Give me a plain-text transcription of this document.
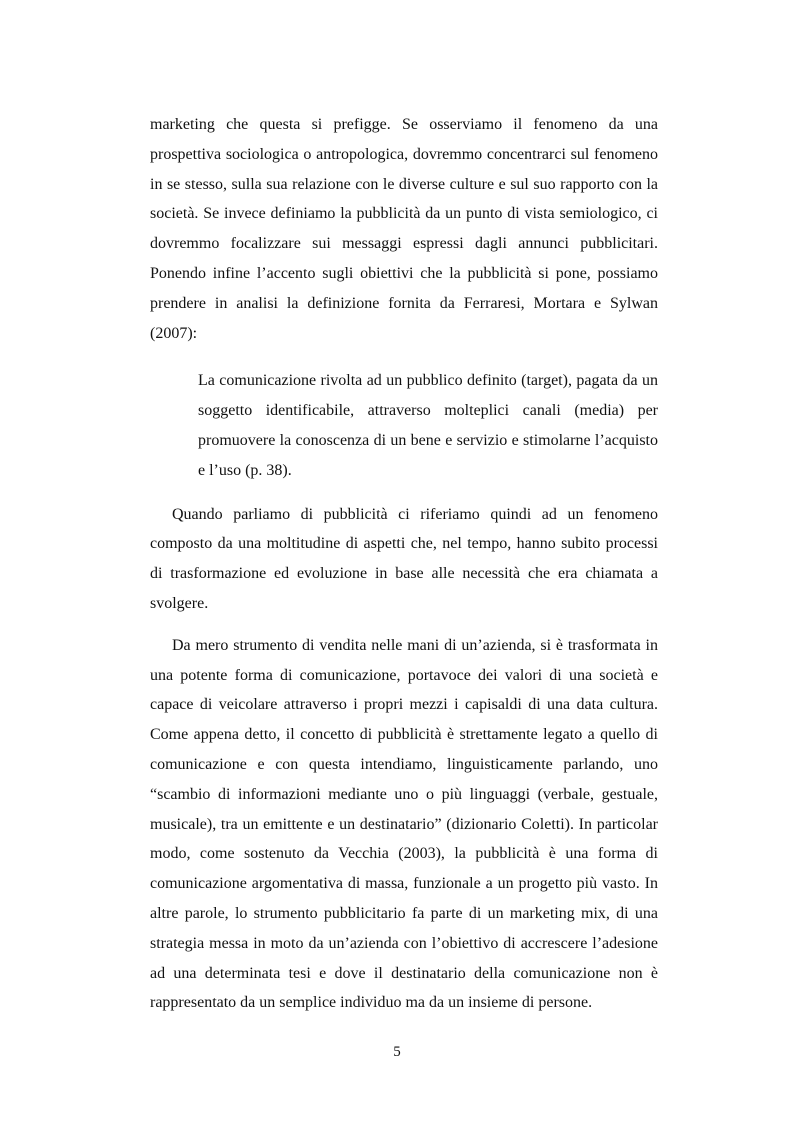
marketing che questa si prefigge. Se osserviamo il fenomeno da una prospettiva sociologica o antropologica, dovremmo concentrarci sul fenomeno in se stesso, sulla sua relazione con le diverse culture e sul suo rapporto con la società. Se invece definiamo la pubblicità da un punto di vista semiologico, ci dovremmo focalizzare sui messaggi espressi dagli annunci pubblicitari. Ponendo infine l’accento sugli obiettivi che la pubblicità si pone, possiamo prendere in analisi la definizione fornita da Ferraresi, Mortara e Sylwan (2007):

La comunicazione rivolta ad un pubblico definito (target), pagata da un soggetto identificabile, attraverso molteplici canali (media) per promuovere la conoscenza di un bene e servizio e stimolarne l’acquisto e l’uso (p. 38).

Quando parliamo di pubblicità ci riferiamo quindi ad un fenomeno composto da una moltitudine di aspetti che, nel tempo, hanno subito processi di trasformazione ed evoluzione in base alle necessità che era chiamata a svolgere.

Da mero strumento di vendita nelle mani di un’azienda, si è trasformata in una potente forma di comunicazione, portavoce dei valori di una società e capace di veicolare attraverso i propri mezzi i capisaldi di una data cultura. Come appena detto, il concetto di pubblicità è strettamente legato a quello di comunicazione e con questa intendiamo, linguisticamente parlando, uno “scambio di informazioni mediante uno o più linguaggi (verbale, gestuale, musicale), tra un emittente e un destinatario” (dizionario Coletti). In particolar modo, come sostenuto da Vecchia (2003), la pubblicità è una forma di comunicazione argomentativa di massa, funzionale a un progetto più vasto. In altre parole, lo strumento pubblicitario fa parte di un marketing mix, di una strategia messa in moto da un’azienda con l’obiettivo di accrescere l’adesione ad una determinata tesi e dove il destinatario della comunicazione non è rappresentato da un semplice individuo ma da un insieme di persone.

5
